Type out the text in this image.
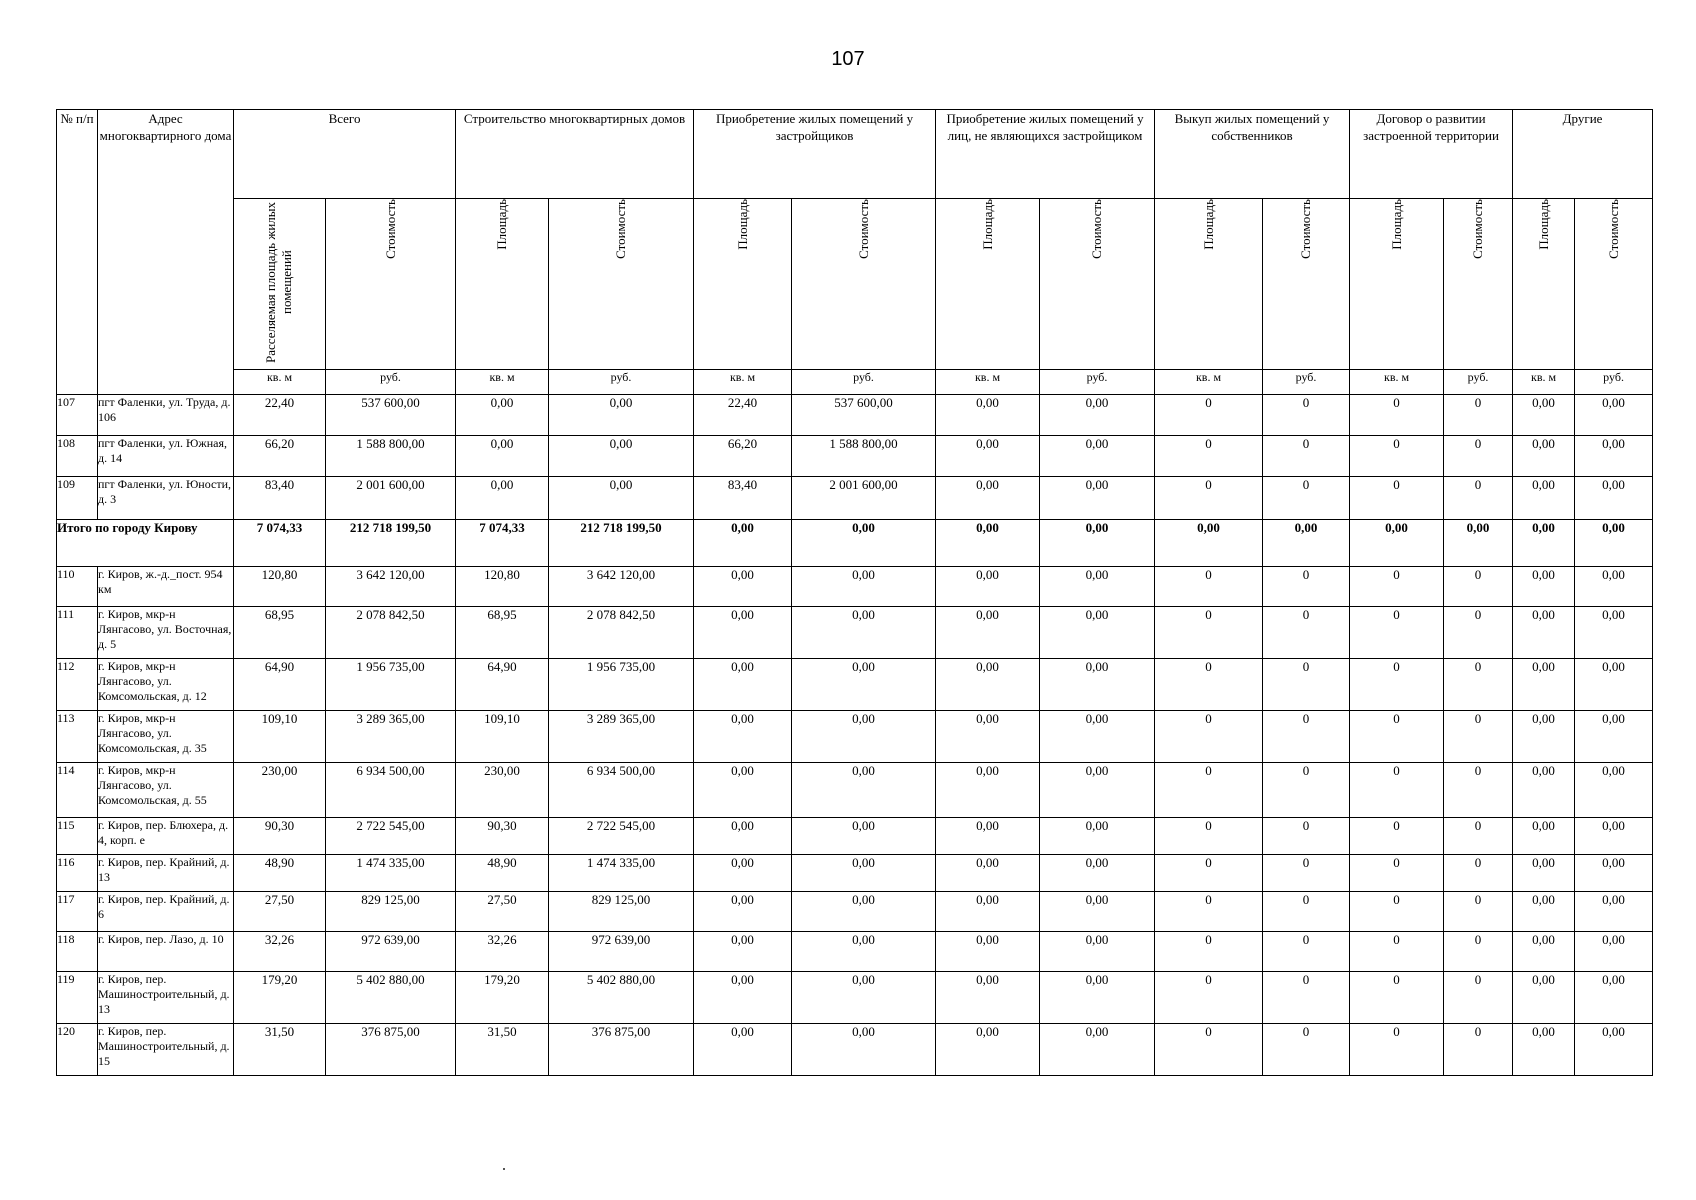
107
№ п/п	Адрес многоквартирного дома	Всего		Строительство многоквартирных домов		Приобретение жилых помещений у застройщиков		Приобретение жилых помещений у лиц, не являющихся застройщиком		Выкуп жилых помещений у собственников		Договор о развитии застроенной территории		Другие	
		Расселяемая площадь жилых помещений	Стоимость	Площадь	Стоимость	Площадь	Стоимость	Площадь	Стоимость	Площадь	Стоимость	Площадь	Стоимость	Площадь	Стоимость
		кв. м	руб.	кв. м	руб.	кв. м	руб.	кв. м	руб.	кв. м	руб.	кв. м	руб.	кв. м	руб.
107	пгт Фаленки, ул. Труда, д. 106	22,40	537 600,00	0,00	0,00	22,40	537 600,00	0,00	0,00	0	0	0	0	0,00	0,00
108	пгт Фаленки, ул. Южная, д. 14	66,20	1 588 800,00	0,00	0,00	66,20	1 588 800,00	0,00	0,00	0	0	0	0	0,00	0,00
109	пгт Фаленки, ул. Юности, д. 3	83,40	2 001 600,00	0,00	0,00	83,40	2 001 600,00	0,00	0,00	0	0	0	0	0,00	0,00
Итого по городу Кирову		7 074,33	212 718 199,50	7 074,33	212 718 199,50	0,00	0,00	0,00	0,00	0,00	0,00	0,00	0,00	0,00	0,00
110	г. Киров, ж.-д._пост. 954 км	120,80	3 642 120,00	120,80	3 642 120,00	0,00	0,00	0,00	0,00	0	0	0	0	0,00	0,00
111	г. Киров, мкр-н Лянгасово, ул. Восточная, д. 5	68,95	2 078 842,50	68,95	2 078 842,50	0,00	0,00	0,00	0,00	0	0	0	0	0,00	0,00
112	г. Киров, мкр-н Лянгасово, ул. Комсомольская, д. 12	64,90	1 956 735,00	64,90	1 956 735,00	0,00	0,00	0,00	0,00	0	0	0	0	0,00	0,00
113	г. Киров, мкр-н Лянгасово, ул. Комсомольская, д. 35	109,10	3 289 365,00	109,10	3 289 365,00	0,00	0,00	0,00	0,00	0	0	0	0	0,00	0,00
114	г. Киров, мкр-н Лянгасово, ул. Комсомольская, д. 55	230,00	6 934 500,00	230,00	6 934 500,00	0,00	0,00	0,00	0,00	0	0	0	0	0,00	0,00
115	г. Киров, пер. Блюхера, д. 4, корп. е	90,30	2 722 545,00	90,30	2 722 545,00	0,00	0,00	0,00	0,00	0	0	0	0	0,00	0,00
116	г. Киров, пер. Крайний, д. 13	48,90	1 474 335,00	48,90	1 474 335,00	0,00	0,00	0,00	0,00	0	0	0	0	0,00	0,00
117	г. Киров, пер. Крайний, д. 6	27,50	829 125,00	27,50	829 125,00	0,00	0,00	0,00	0,00	0	0	0	0	0,00	0,00
118	г. Киров, пер. Лазо, д. 10	32,26	972 639,00	32,26	972 639,00	0,00	0,00	0,00	0,00	0	0	0	0	0,00	0,00
119	г. Киров, пер. Машиностроительный, д. 13	179,20	5 402 880,00	179,20	5 402 880,00	0,00	0,00	0,00	0,00	0	0	0	0	0,00	0,00
120	г. Киров, пер. Машиностроительный, д. 15	31,50	376 875,00	31,50	376 875,00	0,00	0,00	0,00	0,00	0	0	0	0	0,00	0,00
